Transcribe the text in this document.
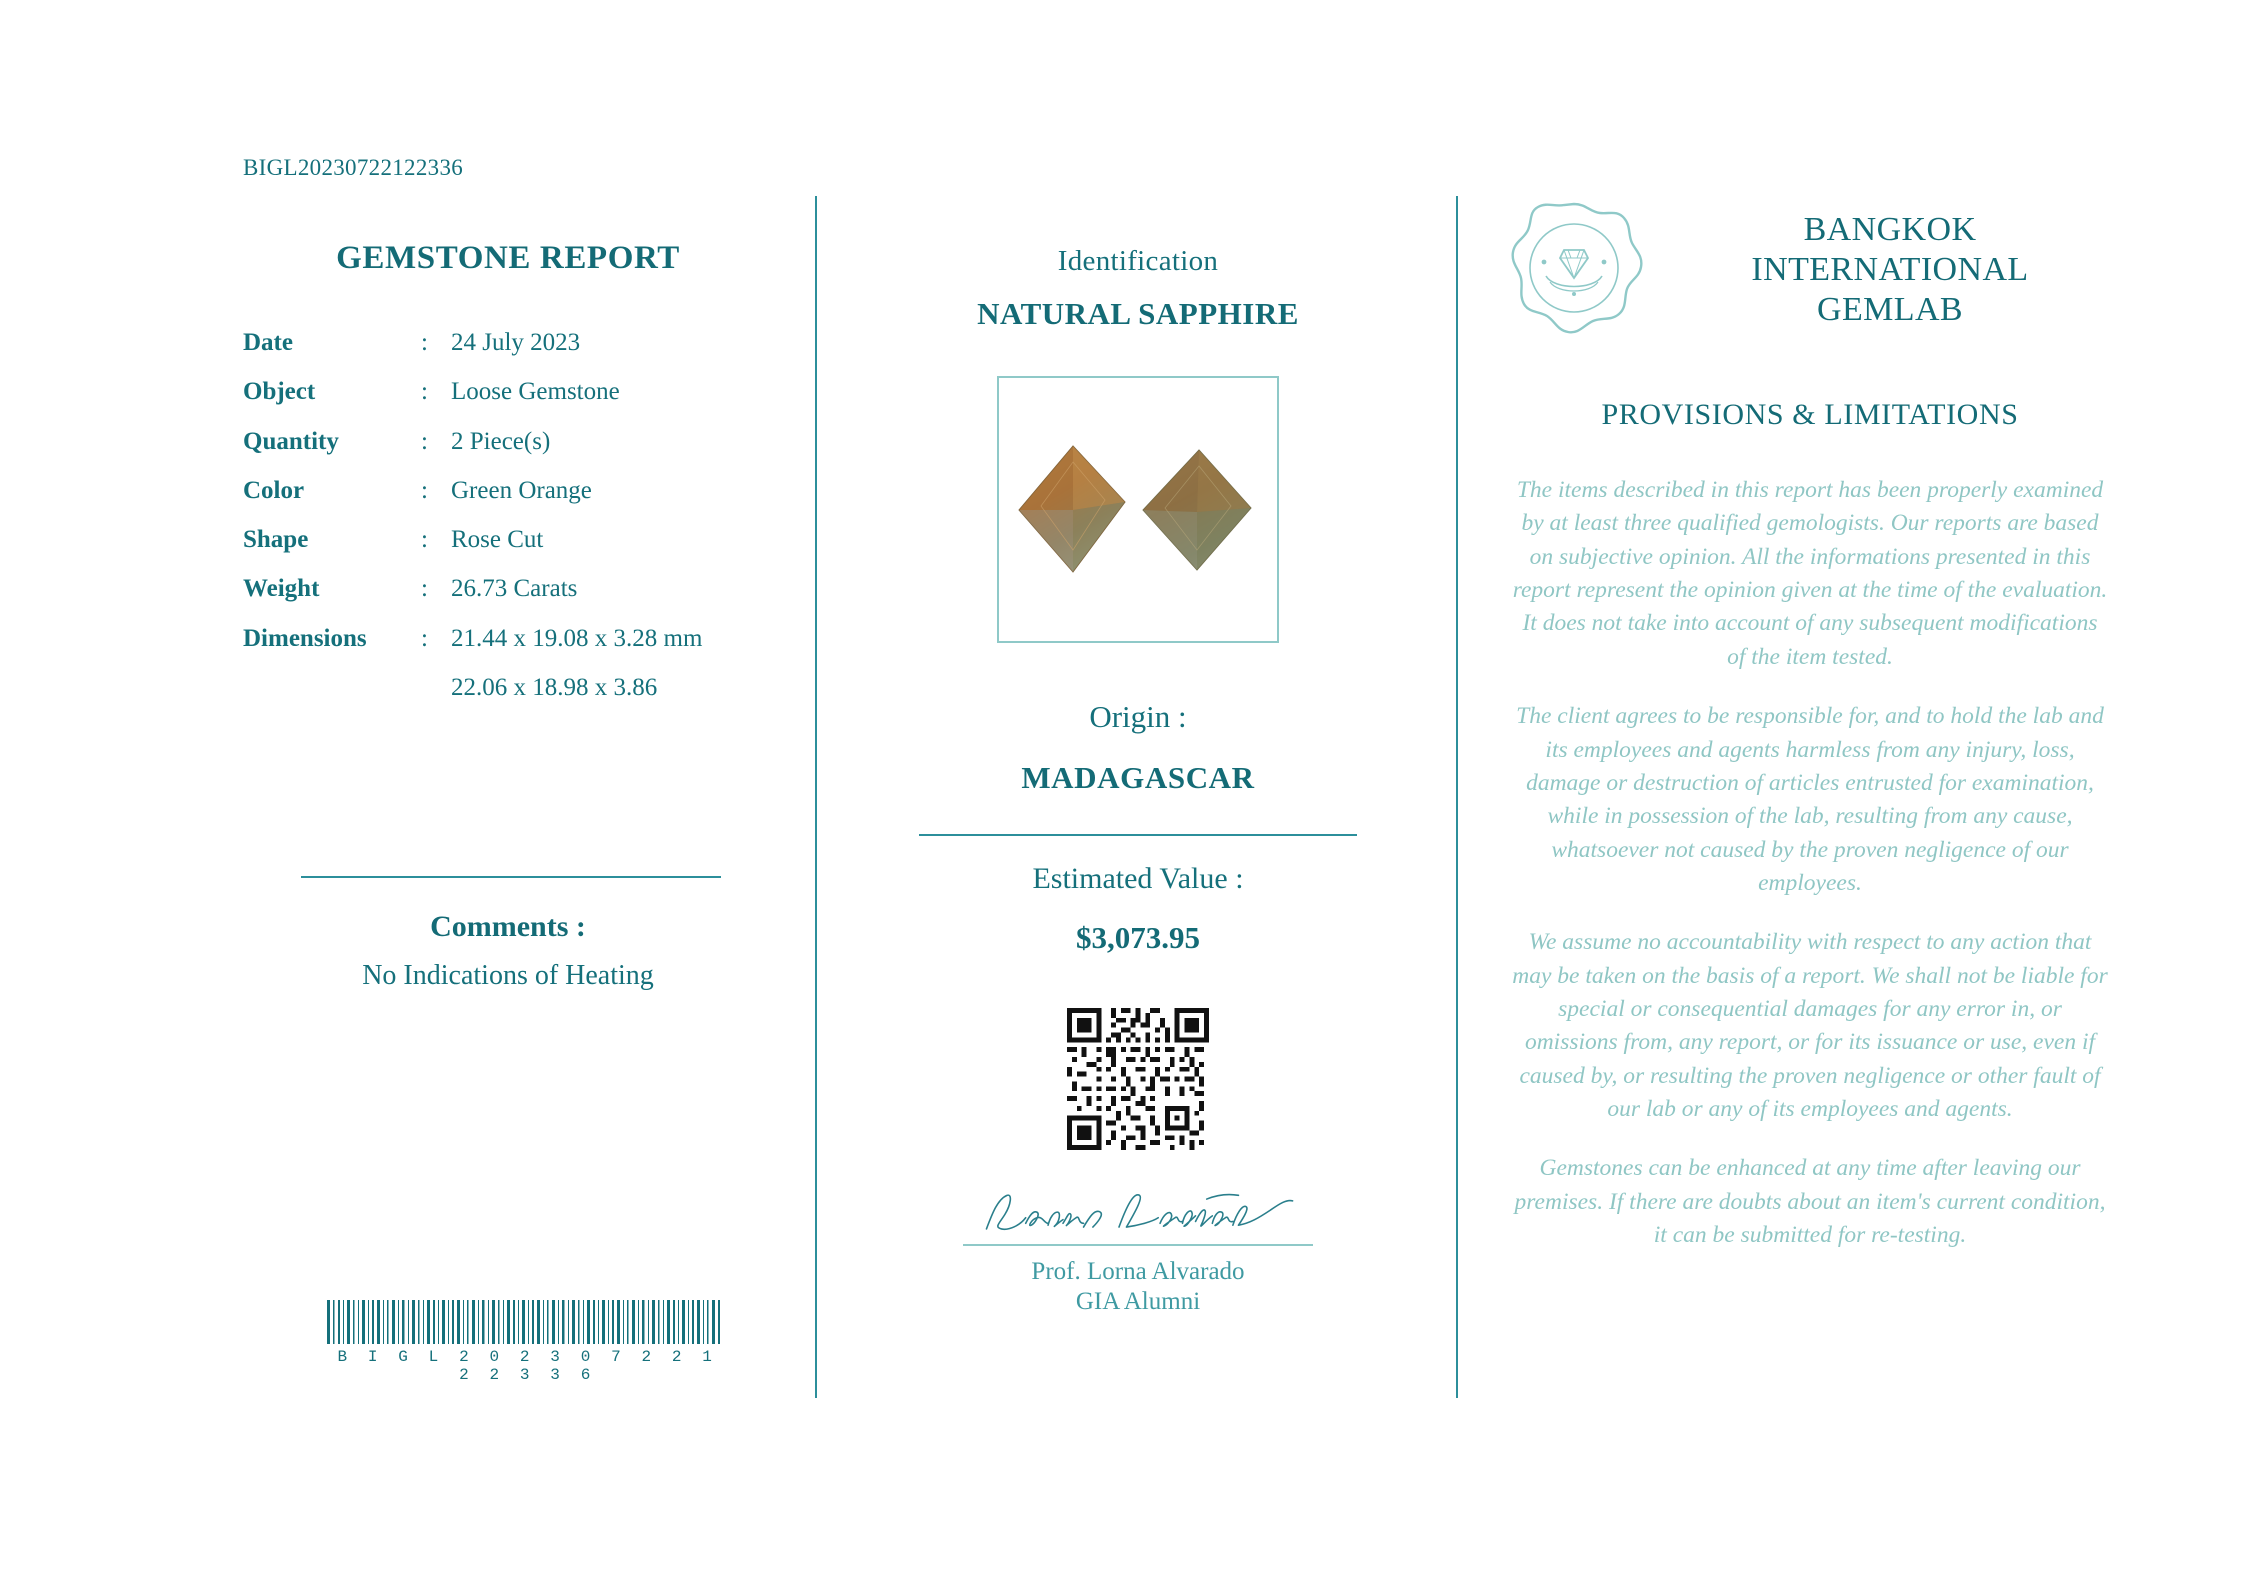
BIGL20230722122336
GEMSTONE REPORT
Date	:	24 July 2023
Object	:	Loose Gemstone
Quantity	:	2 Piece(s)
Color	:	Green Orange
Shape	:	Rose Cut
Weight	:	26.73 Carats
Dimensions	:	21.44 x 19.08 x 3.28 mm
		22.06 x 18.98 x 3.86
Comments :
No Indications of Heating
B I G L 2 0 2 3 0 7 2 2 1 2 2 3 3 6
Identification
NATURAL SAPPHIRE
Origin :
MADAGASCAR
Estimated Value :
$3,073.95
Prof. Lorna Alvarado
GIA Alumni
BANGKOK
INTERNATIONAL
GEMLAB
PROVISIONS & LIMITATIONS

The items described in this report has been properly examined by at least three qualified gemologists. Our reports are based on subjective opinion. All the informations presented in this report represent the opinion given at the time of the evaluation. It does not take into account of any subsequent modifications of the item tested.

The client agrees to be responsible for, and to hold the lab and its employees and agents harmless from any injury, loss, damage or destruction of articles entrusted for examination, while in possession of the lab, resulting from any cause, whatsoever not caused by the proven negligence of our employees.

We assume no accountability with respect to any action that may be taken on the basis of a report. We shall not be liable for special or consequential damages for any error in, or omissions from, any report, or for its issuance or use, even if caused by, or resulting the proven negligence or other fault of our lab or any of its employees and agents.

Gemstones can be enhanced at any time after leaving our premises. If there are doubts about an item's current condition, it can be submitted for re-testing.
